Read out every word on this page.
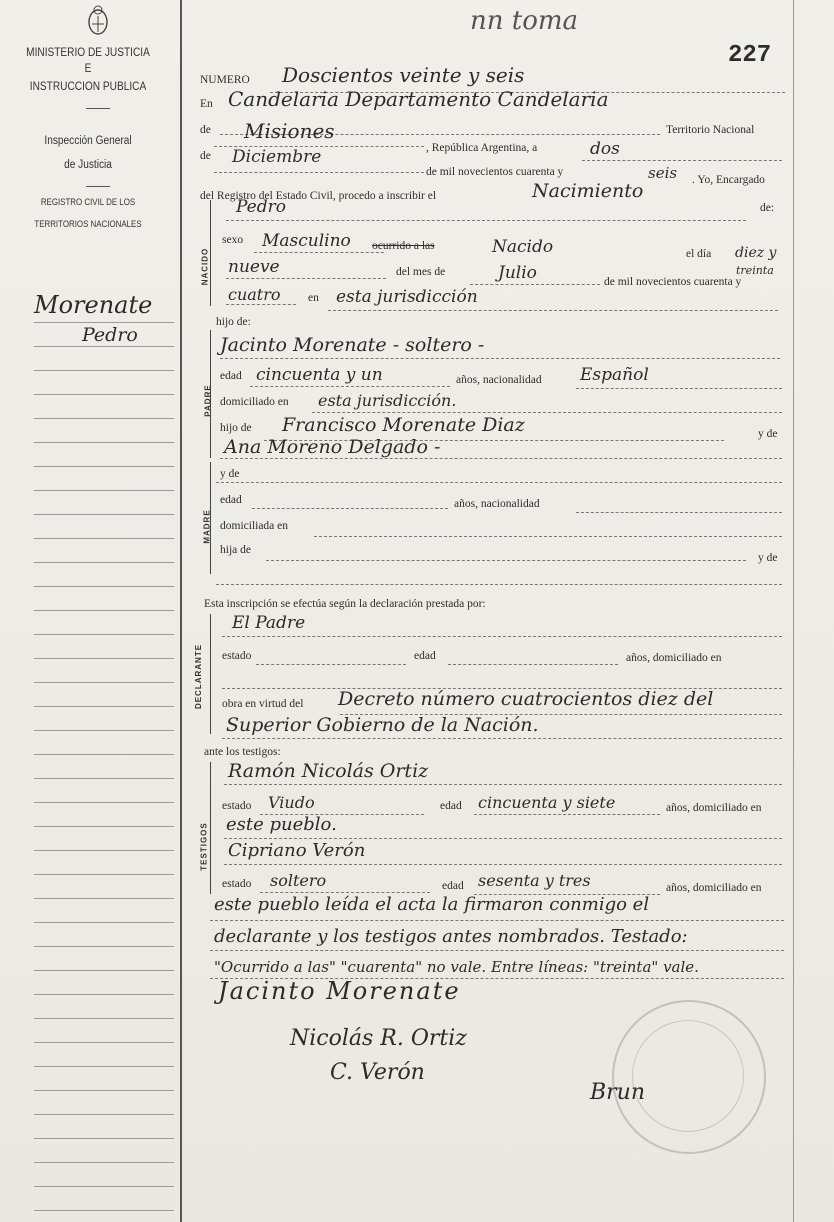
MINISTERIO DE JUSTICIA
E
INSTRUCCION PUBLICA
Inspección General
de Justicia
REGISTRO CIVIL DE LOS
TERRITORIOS NACIONALES
Morenate
Pedro
nn toma
227
NUMERO Doscientos veinte y seis
En Candelaria Departamento Candelaria
Territorio Nacional
de Misiones
, República Argentina, a	dos
de Diciembre
de mil novecientos cuarenta y	seis . Yo, Encargado
del Registro del Estado Civil, procedo a inscribir el	Nacimiento
de:
NACIDO
Pedro
sexo Masculino ocurrido a las	Nacido	el día diez y
treinta
nueve	del mes de	Julio	de mil novecientos cuarenta y
cuatro en esta jurisdicción
hijo de:
PADRE
Jacinto Morenate - soltero -
edad cincuenta y un	años, nacionalidad Español
domiciliado en esta jurisdicción.
hijo de Francisco Morenate Diaz	y de
Ana Moreno Delgado -
MADRE
y de
edad	años, nacionalidad
domiciliada en
hija de
y de
Esta inscripción se efectúa según la declaración prestada por:
DECLARANTE
El Padre
estado	edad	años, domiciliado en
obra en virtud del Decreto número cuatrocientos diez del
Superior Gobierno de la Nación.
ante los testigos:
TESTIGOS
Ramón Nicolás Ortiz
estado Viudo	edad cincuenta y siete	años, domiciliado en
este pueblo.
Cipriano Verón
estado soltero	edad sesenta y tres	años, domiciliado en
este pueblo leída el acta la firmaron conmigo el
declarante y los testigos antes nombrados. Testado:
"Ocurrido a las" "cuarenta" no vale. Entre líneas: "treinta" vale.
Jacinto Morenate
Nicolás R. Ortiz
C. Verón
Brun
